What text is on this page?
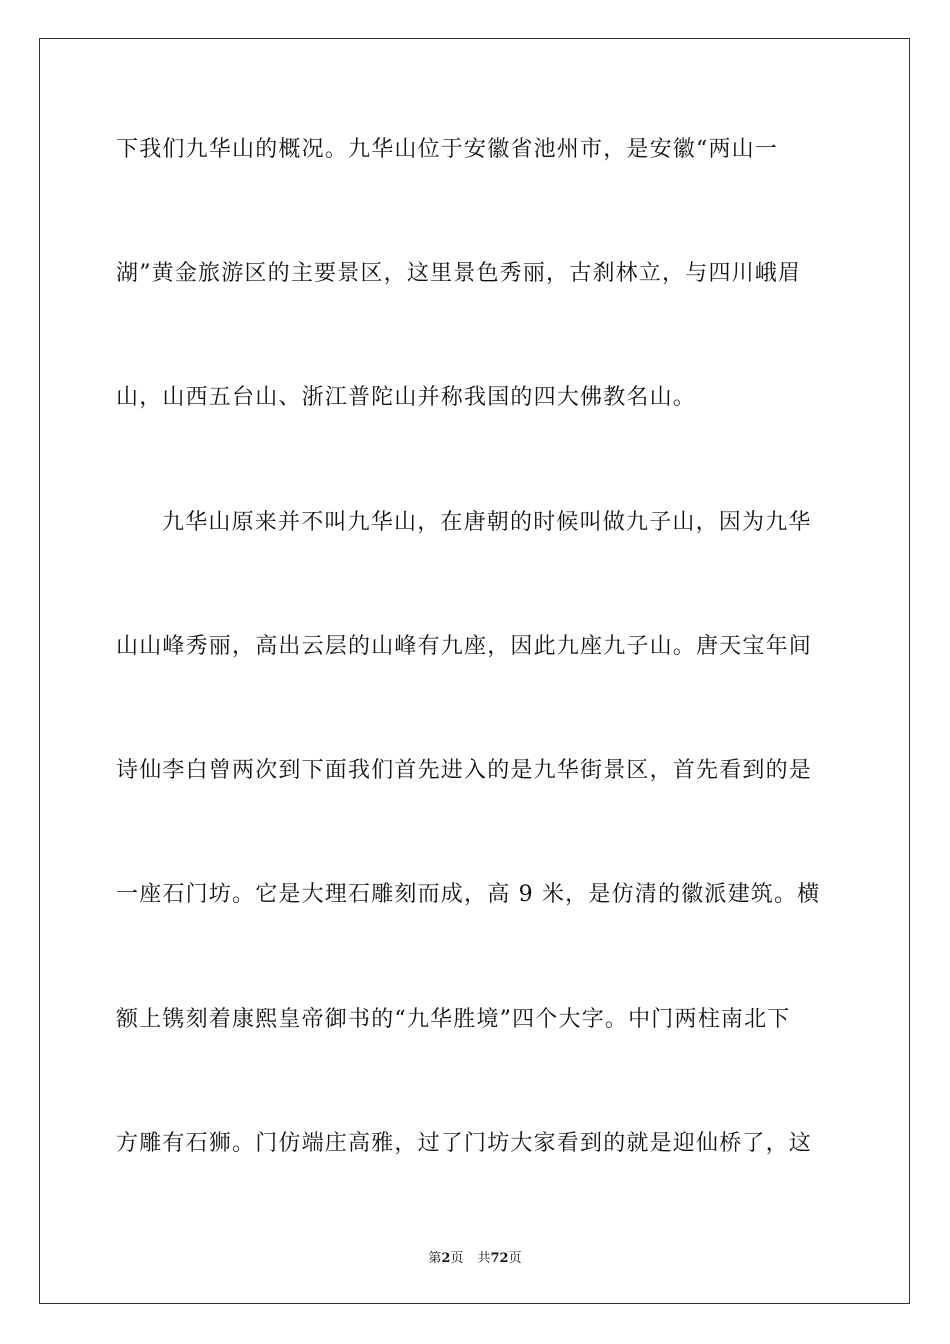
下我们九华山的概况。九华山位于安徽省池州市，是安徽“两山一
湖”黄金旅游区的主要景区，这里景色秀丽，古刹林立，与四川峨眉
山，山西五台山、浙江普陀山并称我国的四大佛教名山。
九华山原来并不叫九华山，在唐朝的时候叫做九子山，因为九华
山山峰秀丽，高出云层的山峰有九座，因此九座九子山。唐天宝年间
诗仙李白曾两次到下面我们首先进入的是九华街景区，首先看到的是
一座石门坊。它是大理石雕刻而成，高 9 米，是仿清的徽派建筑。横
额上镌刻着康熙皇帝御书的“九华胜境”四个大字。中门两柱南北下
方雕有石狮。门仿端庄高雅，过了门坊大家看到的就是迎仙桥了，这
第2页 共72页
